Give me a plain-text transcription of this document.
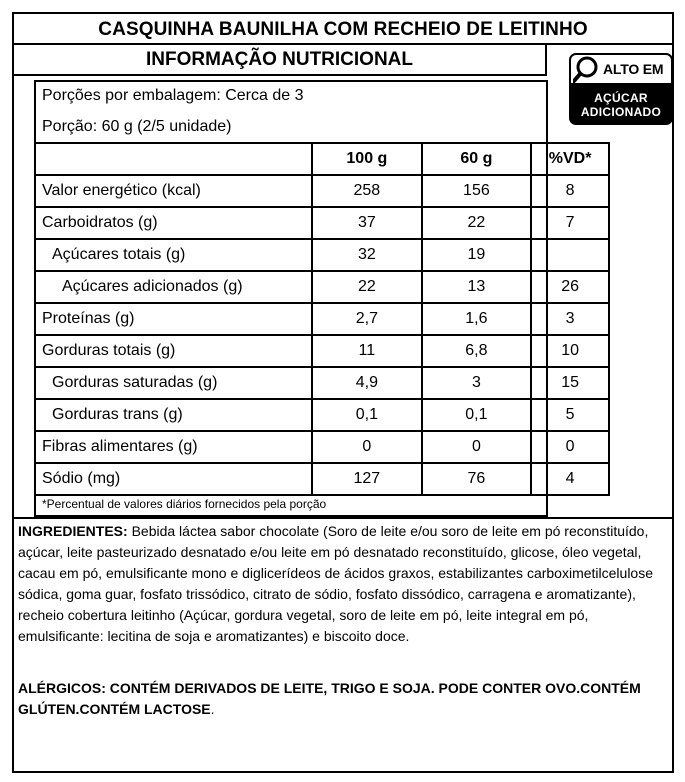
CASQUINHA BAUNILHA COM RECHEIO DE LEITINHO
INFORMAÇÃO NUTRICIONAL	ALTO EM
AÇÚCAR
ADICIONADO
Porções por embalagem: Cerca de 3
Porção: 60 g (2/5 unidade)
	100 g	60 g	%VD*
Valor energético (kcal)	258	156	8
Carboidratos (g)	37	22	7
Açúcares totais (g)	32	19	
Açúcares adicionados (g)	22	13	26
Proteínas (g)	2,7	1,6	3
Gorduras totais (g)	11	6,8	10
Gorduras saturadas (g)	4,9	3	15
Gorduras trans (g)	0,1	0,1	5
Fibras alimentares (g)	0	0	0
Sódio (mg)	127	76	4
*Percentual de valores diários fornecidos pela porção
INGREDIENTES: Bebida láctea sabor chocolate (Soro de leite e/ou soro de leite em pó reconstituído, açúcar, leite pasteurizado desnatado e/ou leite em pó desnatado reconstituído, glicose, óleo vegetal, cacau em pó, emulsificante mono e diglicerídeos de ácidos graxos, estabilizantes carboximetilcelulose sódica, goma guar, fosfato trissódico, citrato de sódio, fosfato dissódico, carragena e aromatizante), recheio cobertura leitinho (Açúcar, gordura vegetal, soro de leite em pó, leite integral em pó, emulsificante: lecitina de soja e aromatizantes) e biscoito doce.
ALÉRGICOS: CONTÉM DERIVADOS DE LEITE, TRIGO E SOJA. PODE CONTER OVO.CONTÉM GLÚTEN.CONTÉM LACTOSE.
